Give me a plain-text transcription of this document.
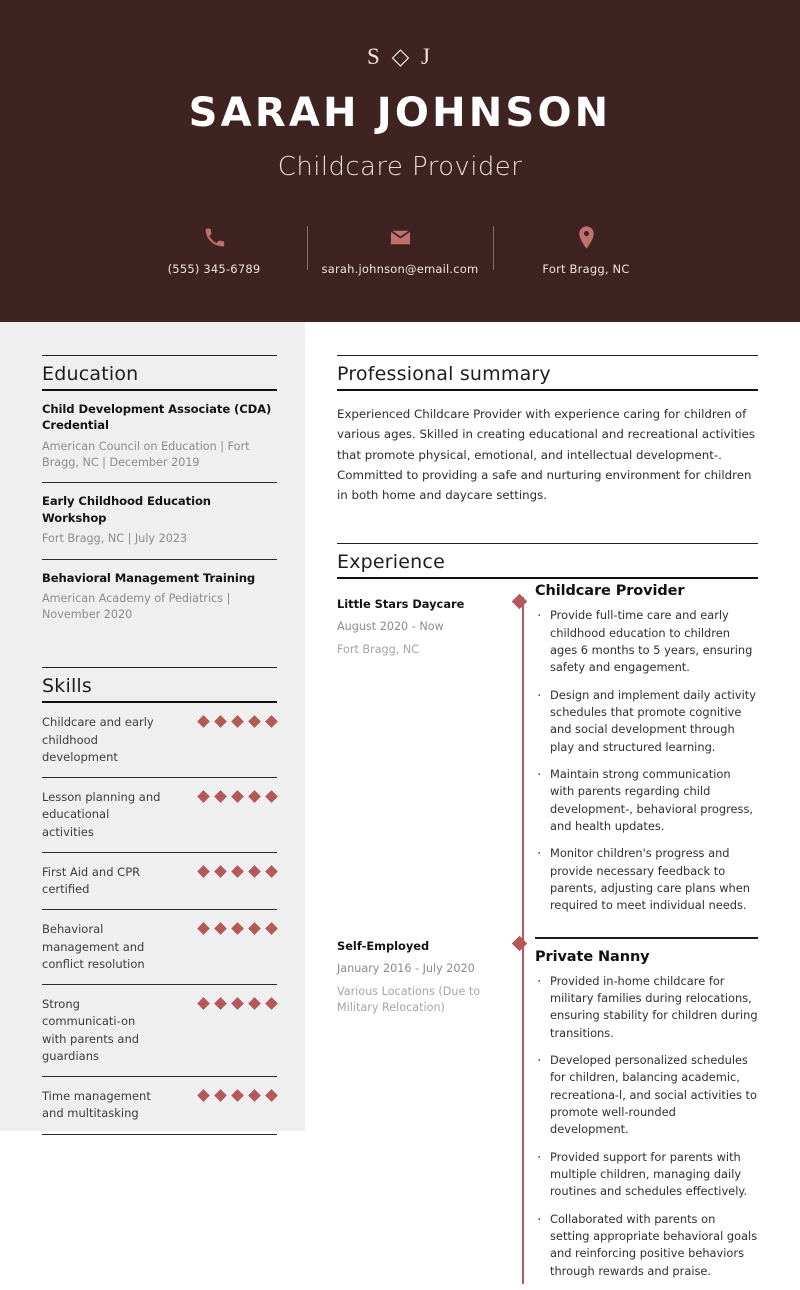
S ◇ J
SARAH JOHNSON
Childcare Provider
(555) 345-6789	sarah.johnson@email.com	Fort Bragg, NC
Education
Child Development Associate (CDA) Credential
American Council on Education | Fort Bragg, NC | December 2019
Early Childhood Education Workshop
Fort Bragg, NC | July 2023
Behavioral Management Training
American Academy of Pediatrics | November 2020
Skills
Childcare and early childhood development
Lesson planning and educational activities
First Aid and CPR certified
Behavioral management and conflict resolution
Strong communicati-on with parents and guardians
Time management and multitasking
Professional summary
Experienced Childcare Provider with experience caring for children of various ages. Skilled in creating educational and recreational activities that promote physical, emotional, and intellectual development-. Committed to providing a safe and nurturing environment for children in both home and daycare settings.
Experience
Little Stars Daycare
August 2020 - Now
Fort Bragg, NC
Childcare Provider
· Provide full-time care and early childhood education to children ages 6 months to 5 years, ensuring safety and engagement.
· Design and implement daily activity schedules that promote cognitive and social development through play and structured learning.
· Maintain strong communication with parents regarding child development-, behavioral progress, and health updates.
· Monitor children's progress and provide necessary feedback to parents, adjusting care plans when required to meet individual needs.
Self-Employed
January 2016 - July 2020
Various Locations (Due to Military Relocation)
Private Nanny
· Provided in-home childcare for military families during relocations, ensuring stability for children during transitions.
· Developed personalized schedules for children, balancing academic, recreationa-l, and social activities to promote well-rounded development.
· Provided support for parents with multiple children, managing daily routines and schedules effectively.
· Collaborated with parents on setting appropriate behavioral goals and reinforcing positive behaviors through rewards and praise.
